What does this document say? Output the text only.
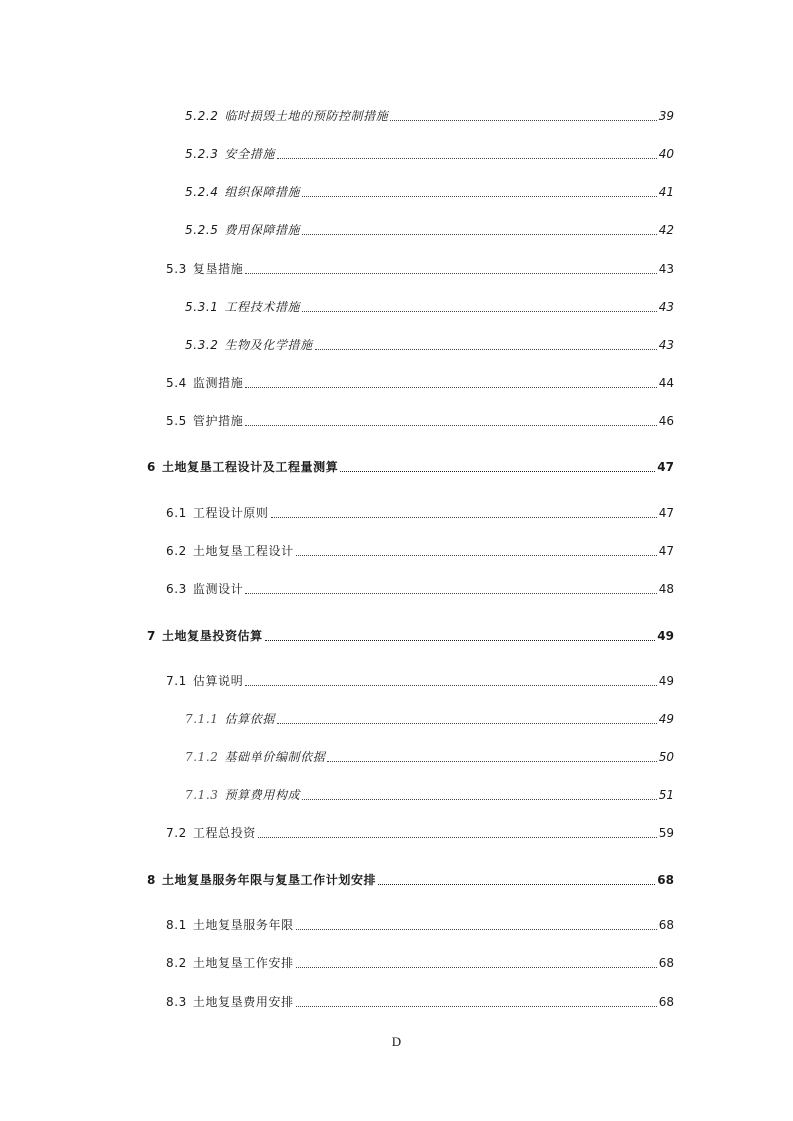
5.2.2 临时损毁土地的预防控制措施	39
5.2.3 安全措施	40
5.2.4 组织保障措施	41
5.2.5 费用保障措施	42
5.3 复垦措施	43
5.3.1 工程技术措施	43
5.3.2 生物及化学措施	43
5.4 监测措施	44
5.5 管护措施	46
6 土地复垦工程设计及工程量测算	47
6.1 工程设计原则	47
6.2 土地复垦工程设计	47
6.3 监测设计	48
7 土地复垦投资估算	49
7.1 估算说明	49
7.1.1 估算依据	49
7.1.2 基础单价编制依据	50
7.1.3 预算费用构成	51
7.2 工程总投资	59
8 土地复垦服务年限与复垦工作计划安排	68
8.1 土地复垦服务年限	68
8.2 土地复垦工作安排	68
8.3 土地复垦费用安排	68
D
